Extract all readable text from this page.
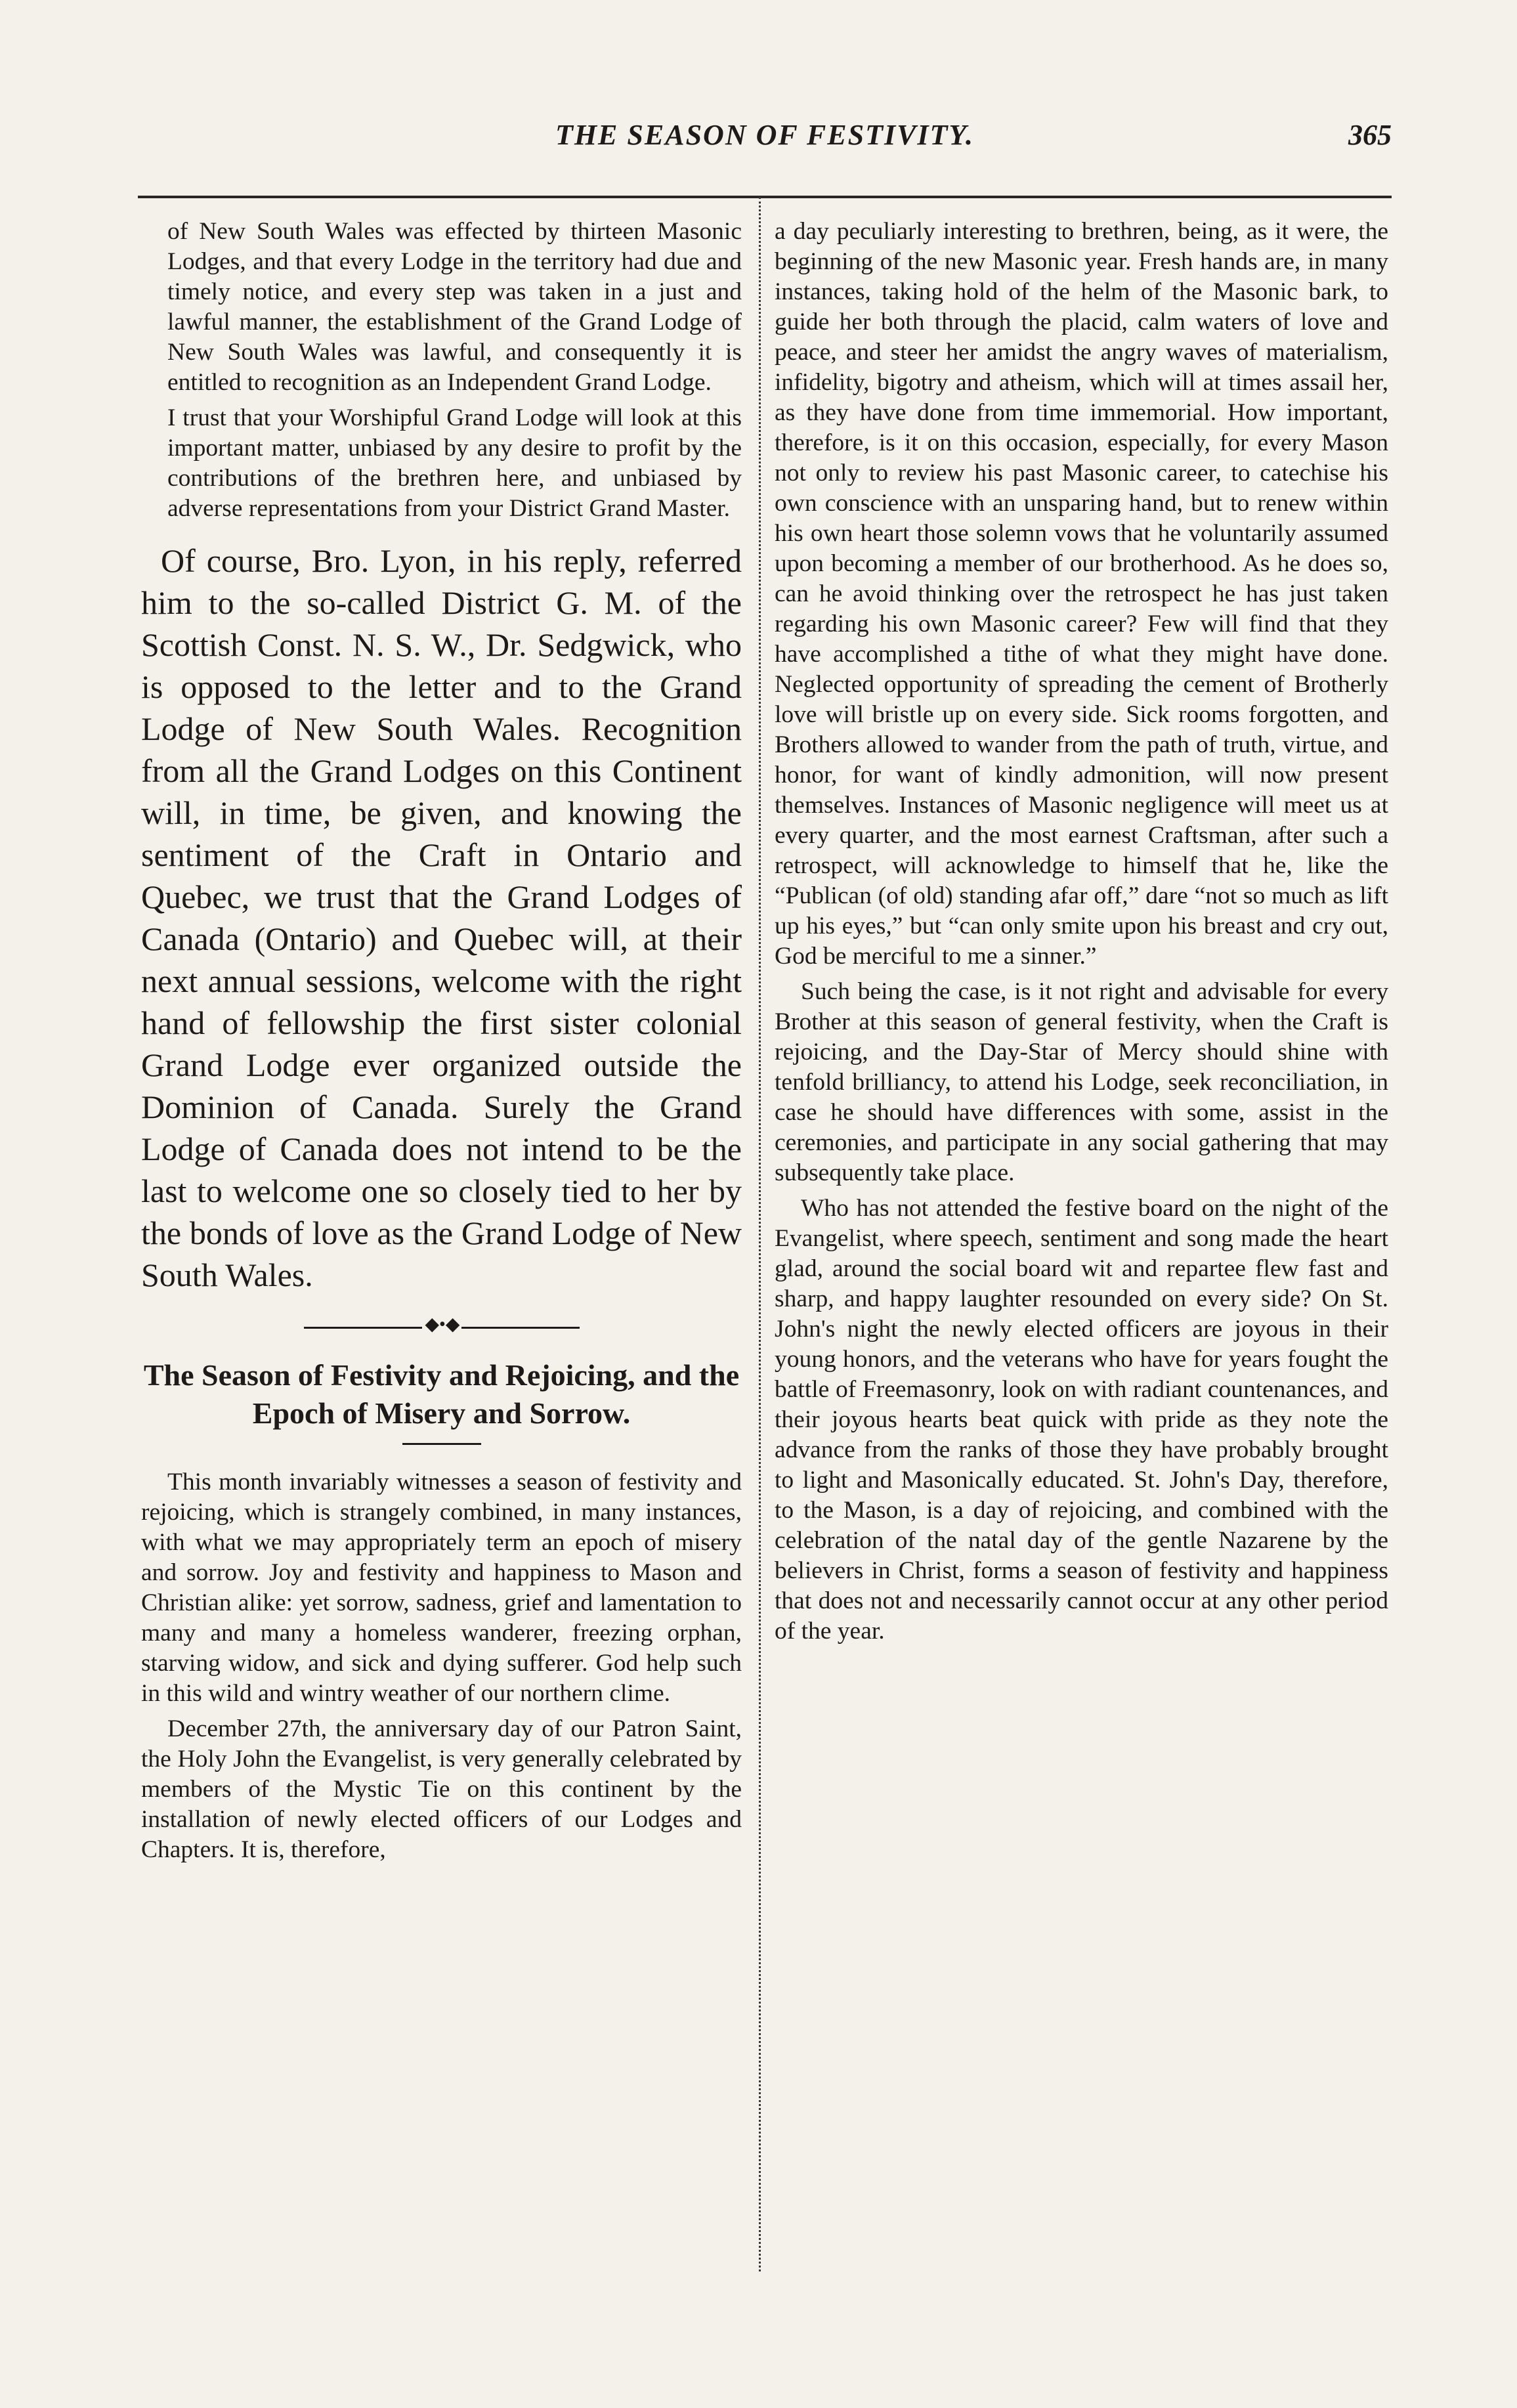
THE SEASON OF FESTIVITY.	365

of New South Wales was effected by thirteen Masonic Lodges, and that every Lodge in the territory had due and timely notice, and every step was taken in a just and lawful manner, the establishment of the Grand Lodge of New South Wales was lawful, and consequently it is entitled to recognition as an Independent Grand Lodge.

I trust that your Worshipful Grand Lodge will look at this important matter, unbiased by any desire to profit by the contributions of the brethren here, and unbiased by adverse representations from your District Grand Master.

Of course, Bro. Lyon, in his reply, referred him to the so-called District G. M. of the Scottish Const. N. S. W., Dr. Sedgwick, who is opposed to the letter and to the Grand Lodge of New South Wales. Recognition from all the Grand Lodges on this Continent will, in time, be given, and knowing the sentiment of the Craft in Ontario and Quebec, we trust that the Grand Lodges of Canada (Ontario) and Quebec will, at their next annual sessions, welcome with the right hand of fellowship the first sister colonial Grand Lodge ever organized outside the Dominion of Canada. Surely the Grand Lodge of Canada does not intend to be the last to welcome one so closely tied to her by the bonds of love as the Grand Lodge of New South Wales.

◆•◆
The Season of Festivity and Rejoicing, and the Epoch of Misery and Sorrow.

This month invariably witnesses a season of festivity and rejoicing, which is strangely combined, in many instances, with what we may appropriately term an epoch of misery and sorrow. Joy and festivity and happiness to Mason and Christian alike: yet sorrow, sadness, grief and lamentation to many and many a homeless wanderer, freezing orphan, starving widow, and sick and dying sufferer. God help such in this wild and wintry weather of our northern clime.

December 27th, the anniversary day of our Patron Saint, the Holy John the Evangelist, is very generally celebrated by members of the Mystic Tie on this continent by the installation of newly elected officers of our Lodges and Chapters. It is, therefore,

a day peculiarly interesting to brethren, being, as it were, the beginning of the new Masonic year. Fresh hands are, in many instances, taking hold of the helm of the Masonic bark, to guide her both through the placid, calm waters of love and peace, and steer her amidst the angry waves of materialism, infidelity, bigotry and atheism, which will at times assail her, as they have done from time immemorial. How important, therefore, is it on this occasion, especially, for every Mason not only to review his past Masonic career, to catechise his own conscience with an unsparing hand, but to renew within his own heart those solemn vows that he voluntarily assumed upon becoming a member of our brotherhood. As he does so, can he avoid thinking over the retrospect he has just taken regarding his own Masonic career? Few will find that they have accomplished a tithe of what they might have done. Neglected opportunity of spreading the cement of Brotherly love will bristle up on every side. Sick rooms forgotten, and Brothers allowed to wander from the path of truth, virtue, and honor, for want of kindly admonition, will now present themselves. Instances of Masonic negligence will meet us at every quarter, and the most earnest Craftsman, after such a retrospect, will acknowledge to himself that he, like the “Publican (of old) standing afar off,” dare “not so much as lift up his eyes,” but “can only smite upon his breast and cry out, God be merciful to me a sinner.”

Such being the case, is it not right and advisable for every Brother at this season of general festivity, when the Craft is rejoicing, and the Day-Star of Mercy should shine with tenfold brilliancy, to attend his Lodge, seek reconciliation, in case he should have differences with some, assist in the ceremonies, and participate in any social gathering that may subsequently take place.

Who has not attended the festive board on the night of the Evangelist, where speech, sentiment and song made the heart glad, around the social board wit and repartee flew fast and sharp, and happy laughter resounded on every side? On St. John's night the newly elected officers are joyous in their young honors, and the veterans who have for years fought the battle of Freemasonry, look on with radiant countenances, and their joyous hearts beat quick with pride as they note the advance from the ranks of those they have probably brought to light and Masonically educated. St. John's Day, therefore, to the Mason, is a day of rejoicing, and combined with the celebration of the natal day of the gentle Nazarene by the believers in Christ, forms a season of festivity and happiness that does not and necessarily cannot occur at any other period of the year.
